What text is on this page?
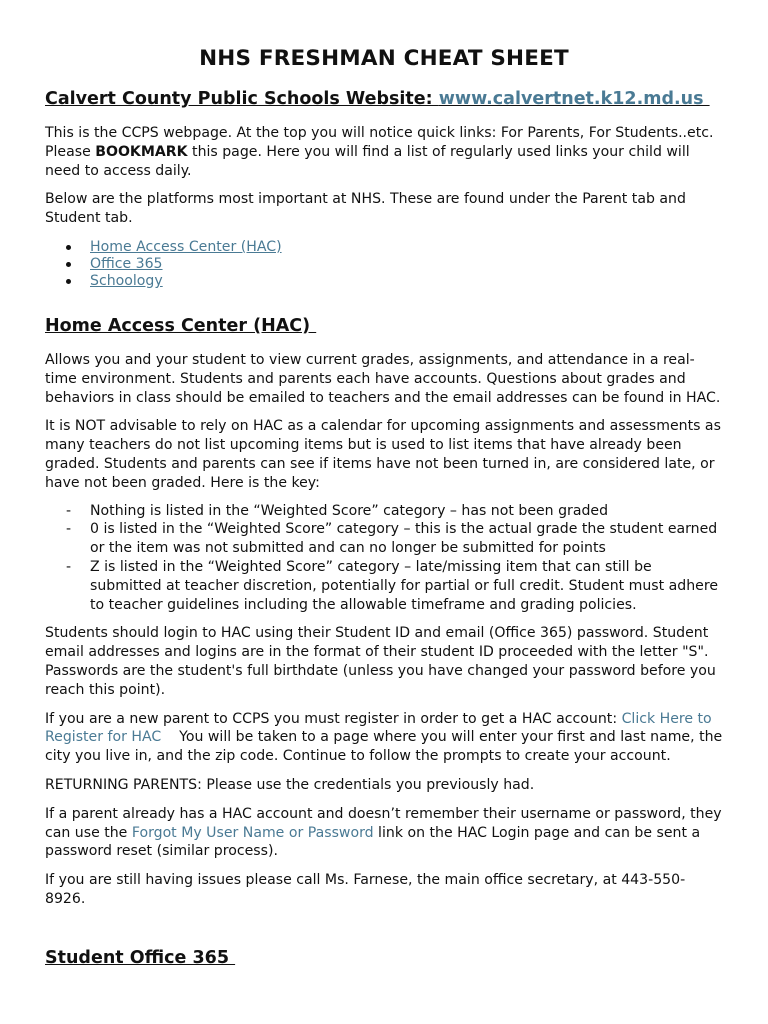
NHS FRESHMAN CHEAT SHEET
Calvert County Public Schools Website: www.calvertnet.k12.md.us

This is the CCPS webpage. At the top you will notice quick links: For Parents, For Students..etc. Please BOOKMARK this page. Here you will find a list of regularly used links your child will need to access daily.

Below are the platforms most important at NHS. These are found under the Parent tab and Student tab.

Home Access Center (HAC)
Office 365
Schoology
Home Access Center (HAC)

Allows you and your student to view current grades, assignments, and attendance in a real-time environment. Students and parents each have accounts. Questions about grades and behaviors in class should be emailed to teachers and the email addresses can be found in HAC.

It is NOT advisable to rely on HAC as a calendar for upcoming assignments and assessments as many teachers do not list upcoming items but is used to list items that have already been graded. Students and parents can see if items have not been turned in, are considered late, or have not been graded. Here is the key:

- Nothing is listed in the “Weighted Score” category – has not been graded
- 0 is listed in the “Weighted Score” category – this is the actual grade the student earned or the item was not submitted and can no longer be submitted for points
- Z is listed in the “Weighted Score” category – late/missing item that can still be submitted at teacher discretion, potentially for partial or full credit. Student must adhere to teacher guidelines including the allowable timeframe and grading policies.

Students should login to HAC using their Student ID and email (Office 365) password. Student email addresses and logins are in the format of their student ID proceeded with the letter "S". Passwords are the student's full birthdate (unless you have changed your password before you reach this point).

If you are a new parent to CCPS you must register in order to get a HAC account: Click Here to Register for HAC    You will be taken to a page where you will enter your first and last name, the city you live in, and the zip code. Continue to follow the prompts to create your account.

RETURNING PARENTS: Please use the credentials you previously had.

If a parent already has a HAC account and doesn’t remember their username or password, they can use the Forgot My User Name or Password link on the HAC Login page and can be sent a password reset (similar process).

If you are still having issues please call Ms. Farnese, the main office secretary, at 443-550-8926.

Student Office 365
